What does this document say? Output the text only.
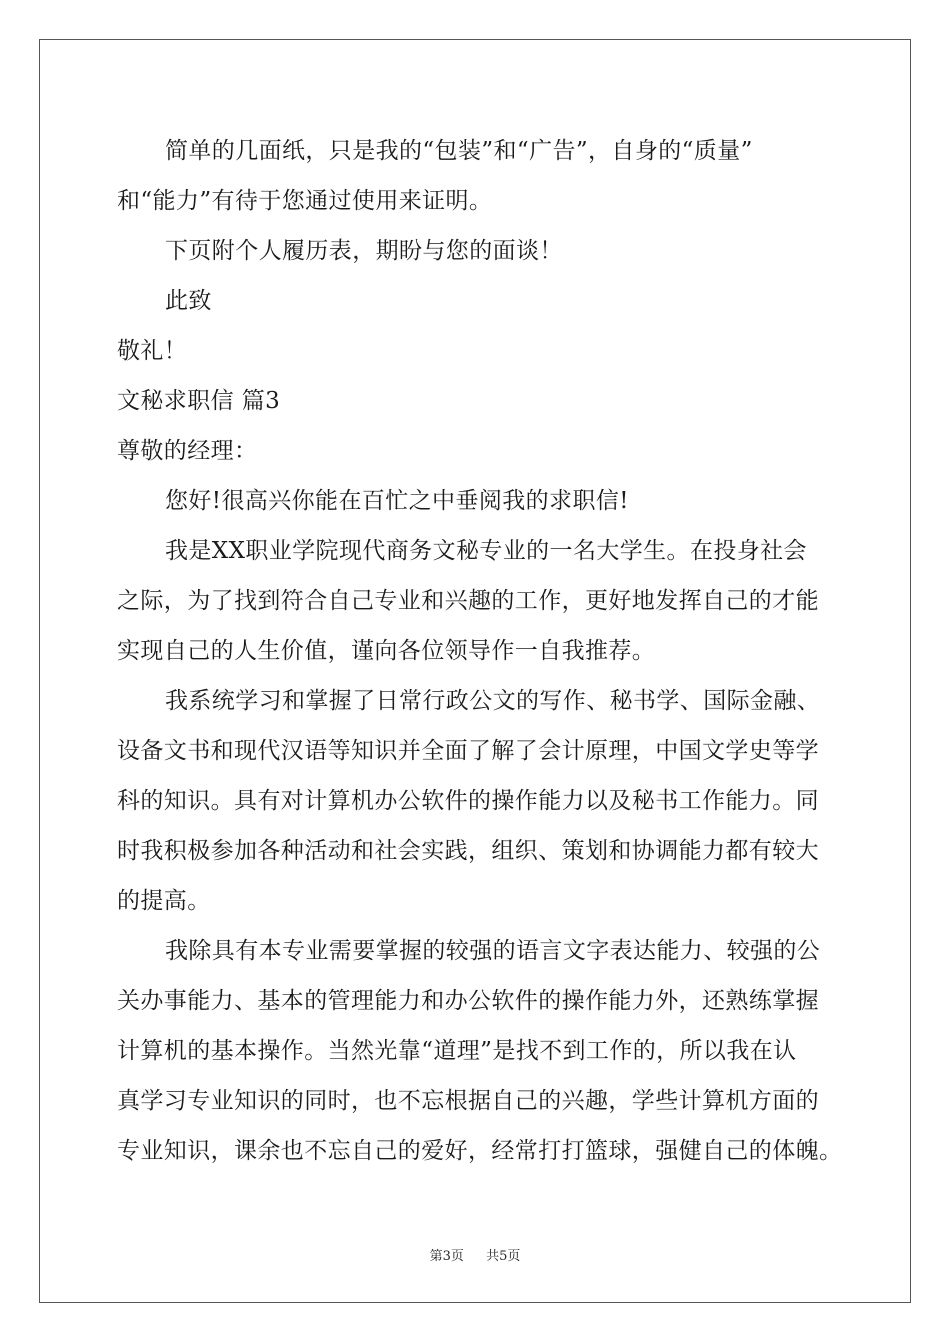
简单的几面纸，只是我的“包装”和“广告”，自身的“质量”
和“能力”有待于您通过使用来证明。
下页附个人履历表，期盼与您的面谈！
此致
敬礼！
文秘求职信 篇3
尊敬的经理：
您好!很高兴你能在百忙之中垂阅我的求职信!
我是XX职业学院现代商务文秘专业的一名大学生。在投身社会
之际，为了找到符合自己专业和兴趣的工作，更好地发挥自己的才能
实现自己的人生价值，谨向各位领导作一自我推荐。
我系统学习和掌握了日常行政公文的写作、秘书学、国际金融、
设备文书和现代汉语等知识并全面了解了会计原理，中国文学史等学
科的知识。具有对计算机办公软件的操作能力以及秘书工作能力。同
时我积极参加各种活动和社会实践，组织、策划和协调能力都有较大
的提高。
我除具有本专业需要掌握的较强的语言文字表达能力、较强的公
关办事能力、基本的管理能力和办公软件的操作能力外，还熟练掌握
计算机的基本操作。当然光靠“道理”是找不到工作的，所以我在认
真学习专业知识的同时，也不忘根据自己的兴趣，学些计算机方面的
专业知识，课余也不忘自己的爱好，经常打打篮球，强健自己的体魄。
第3页 共5页
